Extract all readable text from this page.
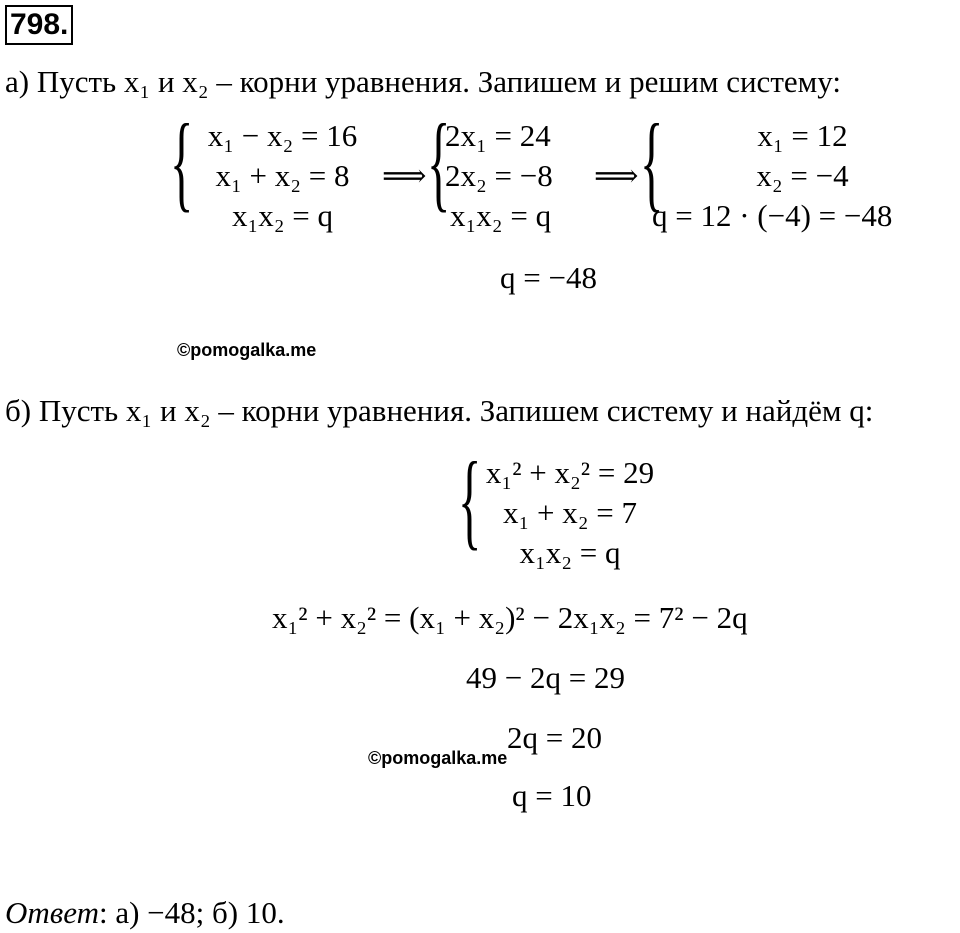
798.
а) Пусть x₁ и x₂ – корни уравнения. Запишем и решим систему:
{ x₁ − x₂ = 16
x₁ + x₂ = 8
x₁x₂ = q
⟹ {
2x₁ = 24
2x₂ = −8
x₁x₂ = q
⟹ {	x₁ = 12
x₂ = −4
q = 12 · (−4) = −48
q = −48
©pomogalka.me
б) Пусть x₁ и x₂ – корни уравнения. Запишем систему и найдём q:
{ x₁² + x₂² = 29
x₁ + x₂ = 7
x₁x₂ = q
x₁² + x₂² = (x₁ + x₂)² − 2x₁x₂ = 7² − 2q
49 − 2q = 29
2q = 20
©pomogalka.me
q = 10
Ответ: а) −48; б) 10.
